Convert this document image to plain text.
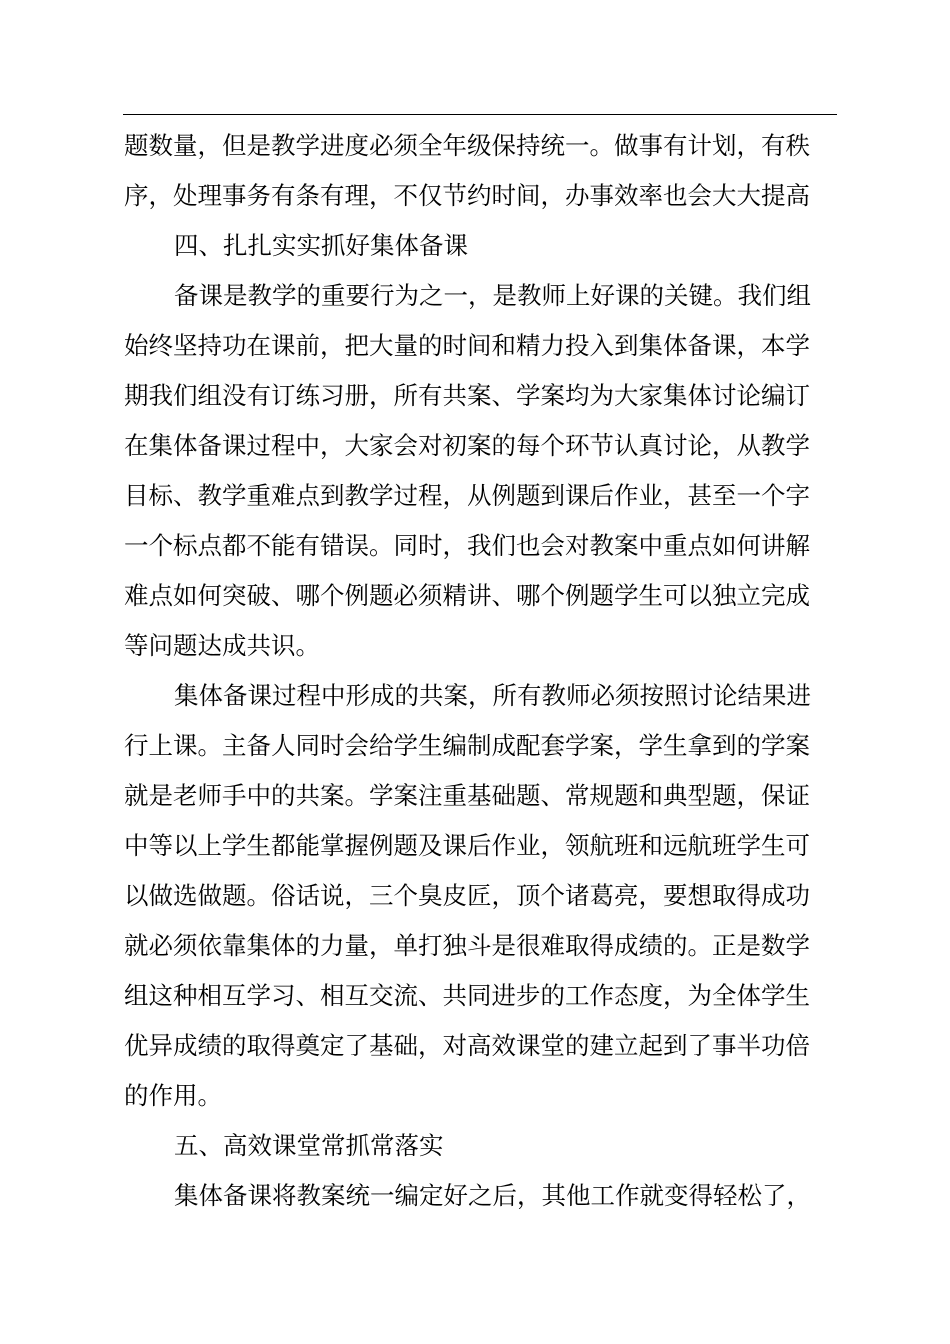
题数量，但是教学进度必须全年级保持统一。做事有计划，有秩
序，处理事务有条有理，不仅节约时间，办事效率也会大大提高
四、扎扎实实抓好集体备课
备课是教学的重要行为之一，是教师上好课的关键。我们组
始终坚持功在课前，把大量的时间和精力投入到集体备课，本学
期我们组没有订练习册，所有共案、学案均为大家集体讨论编订
在集体备课过程中，大家会对初案的每个环节认真讨论，从教学
目标、教学重难点到教学过程，从例题到课后作业，甚至一个字
一个标点都不能有错误。同时，我们也会对教案中重点如何讲解
难点如何突破、哪个例题必须精讲、哪个例题学生可以独立完成
等问题达成共识。
集体备课过程中形成的共案，所有教师必须按照讨论结果进
行上课。主备人同时会给学生编制成配套学案，学生拿到的学案
就是老师手中的共案。学案注重基础题、常规题和典型题，保证
中等以上学生都能掌握例题及课后作业，领航班和远航班学生可
以做选做题。俗话说，三个臭皮匠，顶个诸葛亮，要想取得成功
就必须依靠集体的力量，单打独斗是很难取得成绩的。正是数学
组这种相互学习、相互交流、共同进步的工作态度，为全体学生
优异成绩的取得奠定了基础，对高效课堂的建立起到了事半功倍
的作用。
五、高效课堂常抓常落实
集体备课将教案统一编定好之后，其他工作就变得轻松了，
